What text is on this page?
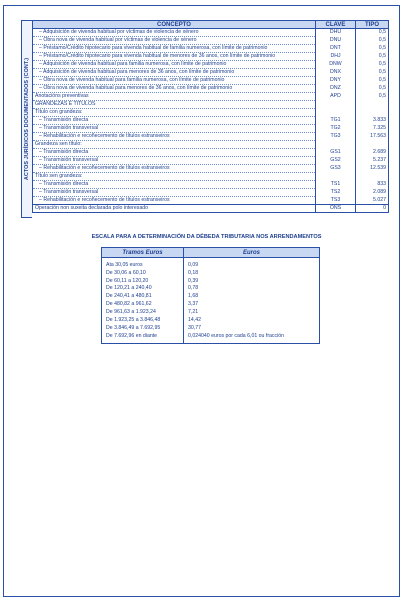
ACTOS JURÍDICOS DOCUMENTADOS (CONT.)
CONCEPTO	CLAVE	TIPO
– Adquisición de vivenda habitual por víctimas de violencia de xénero	DHU	0,5
– Obra nova de vivenda habitual por víctimas de violencia de xénero	DNU	0,5
– Préstamo/Crédito hipotecario para vivenda habitual de familia numerosa, con límite de patrimonio	DNT	0,5
– Préstamo/Crédito hipotecario para vivenda habitual de menores de 36 anos, con límite de patrimonio	DHJ	0,5
– Adquisición de vivenda habitual para familia numerosa, con límite de patrimonio	DNW	0,5
– Adquisición de vivenda habitual para menores de 36 anos, con límite de patrimonio	DNX	0,5
– Obra nova de vivenda habitual para familia numerosa, con límite de patrimonio	DNY	0,5
– Obra nova de vivenda habitual para menores de 36 anos, con límite de patrimonio	DNZ	0,5
Anotacións preventivas	APD	0,5
GRANDEZAS E TÍTULOS		
Título con grandeza:		
– Transmisión directa	TG1	3.833
– Transmisión transversal	TG2	7.325
– Rehabilitación e recoñecemento de títulos estranxeiros	TG3	17.563
Grandeza sen título:		
– Transmisión directa	GS1	2.689
– Transmisión transversal	GS2	5.237
– Rehabilitación e recoñecemento de títulos estranxeiros	GS3	12.539
Título sen grandeza:		
– Transmisión directa	TS1	833
– Transmisión transversal	TS2	2.089
– Rehabilitación e recoñecemento de títulos estranxeiros	TS3	5.027
Operación non suxeita declarada polo interesado	ONS	0
ESCALA PARA A DETERMINACIÓN DA DÉBEDA TRIBUTARIA NOS ARRENDAMENTOS
Tramos Euros	Euros
Ata 30,05 euros	0,09
De 30,06 a 60,10	0,18
De 60,11 a 120,20	0,39
De 120,21 a 240,40	0,78
De 240,41 a 480,81	1,68
De 480,82 a 961,62	3,37
De 961,63 a 1.923,24	7,21
De 1.923,25 a 3.846,48	14,42
De 3.846,49 a 7.692,95	30,77
De 7.692,96 en diante	0,024040 euros por cada 6,01 ou fracción
